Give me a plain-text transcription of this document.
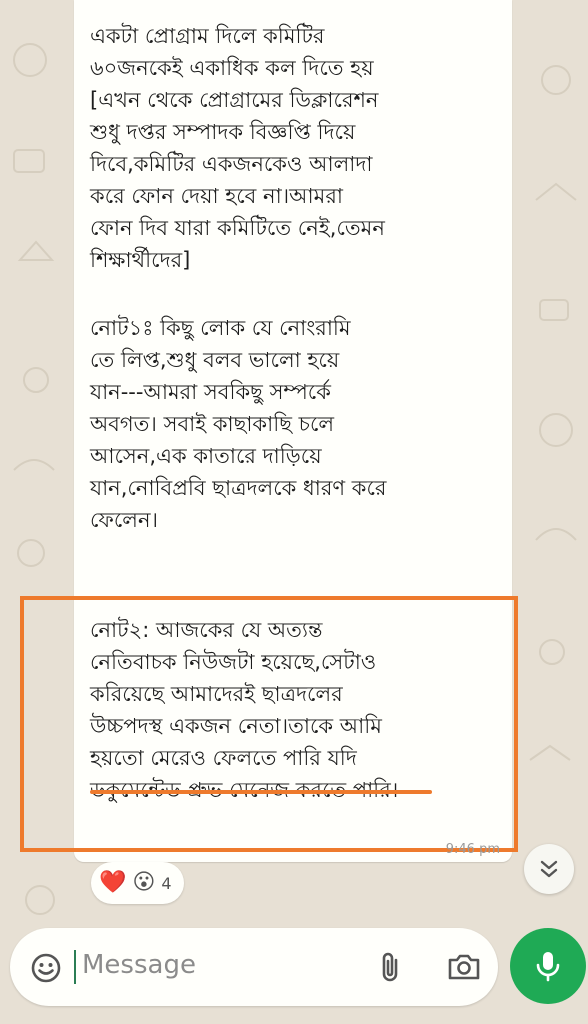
একটা প্রোগ্রাম দিলে কমিটির
৬০জনকেই একাধিক কল দিতে হয়
[এখন থেকে প্রোগ্রামের ডিক্লারেশন
শুধু দপ্তর সম্পাদক বিজ্ঞপ্তি দিয়ে
দিবে,কমিটির একজনকেও আলাদা
করে ফোন দেয়া হবে না।আমরা
ফোন দিব যারা কমিটিতে নেই,তেমন
শিক্ষার্থীদের]

নোট১ঃ কিছু লোক যে নোংরামি
তে লিপ্ত,শুধু বলব ভালো হয়ে
যান---আমরা সবকিছু সম্পর্কে
অবগত। সবাই কাছাকাছি চলে
আসেন,এক কাতারে দাড়িয়ে
যান,নোবিপ্রবি ছাত্রদলকে ধারণ করে
ফেলেন।

নোট২: আজকের যে অত্যন্ত
নেতিবাচক নিউজটা হয়েছে,সেটাও
করিয়েছে আমাদেরই ছাত্রদলের
উচ্চপদস্থ একজন নেতা।তাকে আমি
হয়তো মেরেও ফেলতে পারি যদি

9:46 pm
❤️ 😮 4
Message
